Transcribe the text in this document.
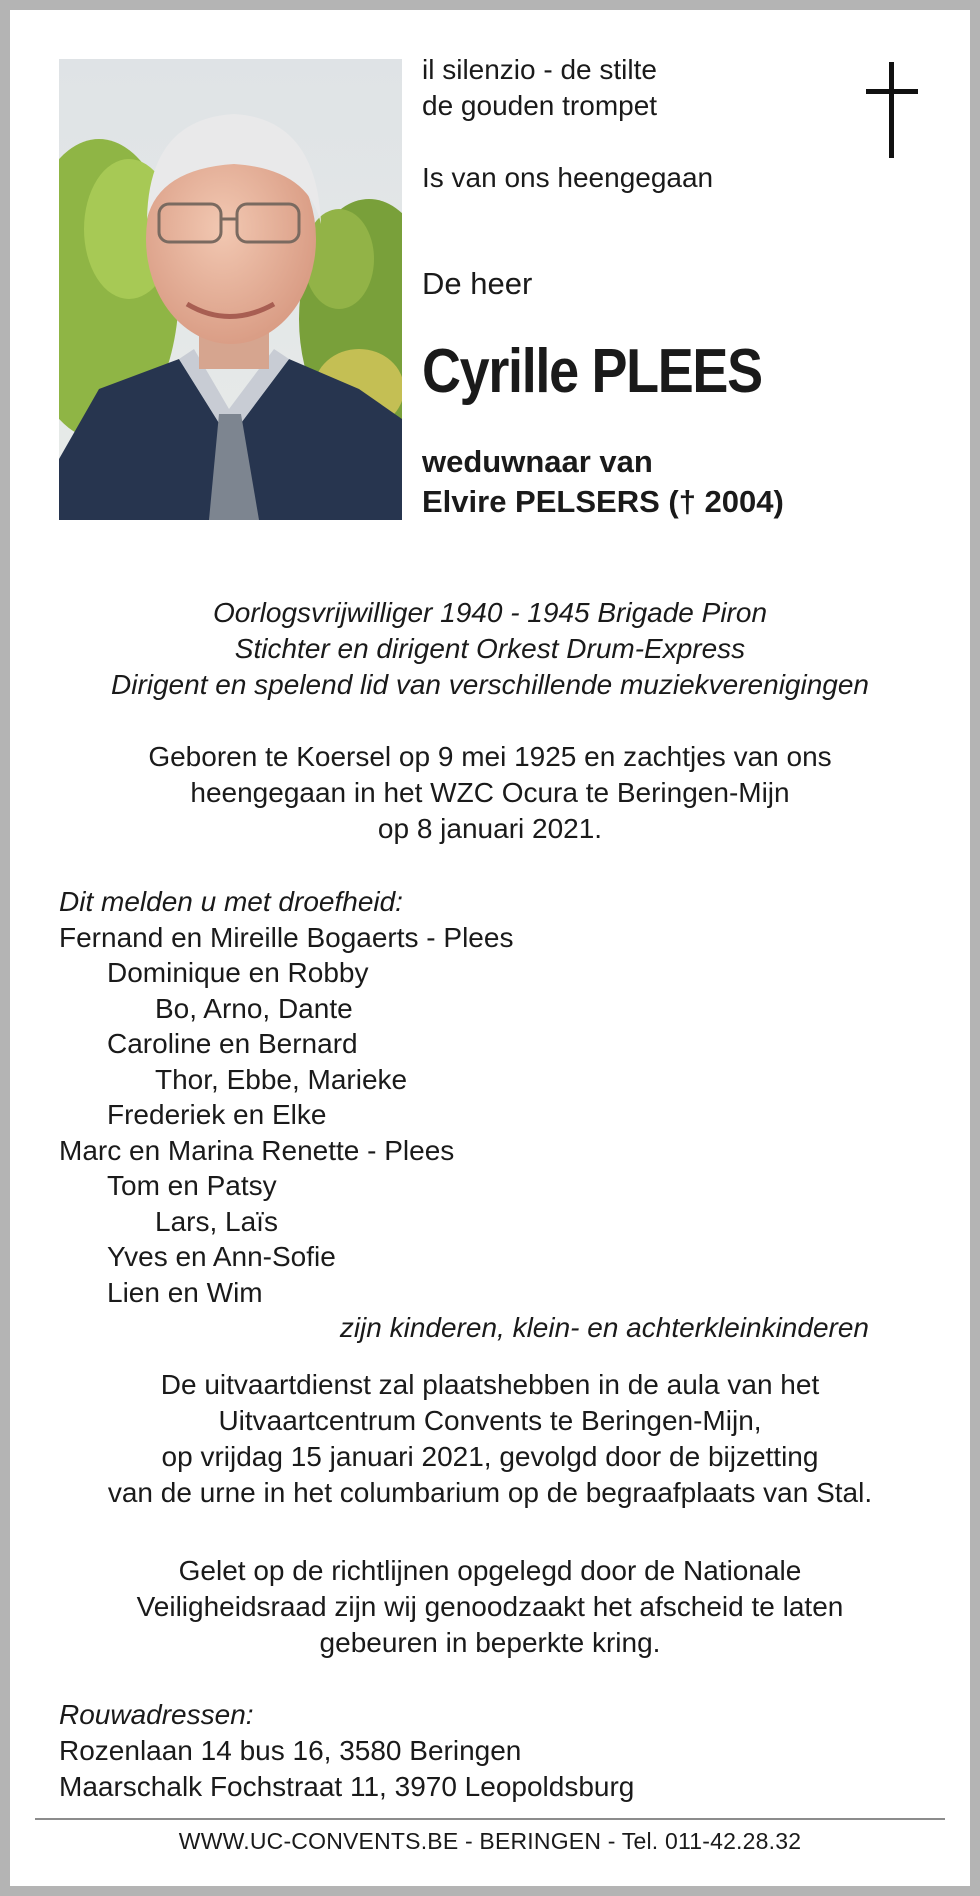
il silenzio - de stilte
de gouden trompet

Is van ons heengegaan
De heer
Cyrille PLEES
weduwnaar van
Elvire PELSERS († 2004)
Oorlogsvrijwilliger 1940 - 1945 Brigade Piron
Stichter en dirigent Orkest Drum-Express
Dirigent en spelend lid van verschillende muziekverenigingen
Geboren te Koersel op 9 mei 1925 en zachtjes van ons
heengegaan in het WZC Ocura te Beringen-Mijn
op 8 januari 2021.
Dit melden u met droefheid:
Fernand en Mireille Bogaerts - Plees
Dominique en Robby
Bo, Arno, Dante
Caroline en Bernard
Thor, Ebbe, Marieke
Frederiek en Elke
Marc en Marina Renette - Plees
Tom en Patsy
Lars, Laïs
Yves en Ann-Sofie
Lien en Wim
zijn kinderen, klein- en achterkleinkinderen
De uitvaartdienst zal plaatshebben in de aula van het
Uitvaartcentrum Convents te Beringen-Mijn,
op vrijdag 15 januari 2021, gevolgd door de bijzetting
van de urne in het columbarium op de begraafplaats van Stal.
Gelet op de richtlijnen opgelegd door de Nationale
Veiligheidsraad zijn wij genoodzaakt het afscheid te laten
gebeuren in beperkte kring.
Rouwadressen:
Rozenlaan 14 bus 16, 3580 Beringen
Maarschalk Fochstraat 11, 3970 Leopoldsburg
WWW.UC-CONVENTS.BE - BERINGEN - Tel. 011-42.28.32
